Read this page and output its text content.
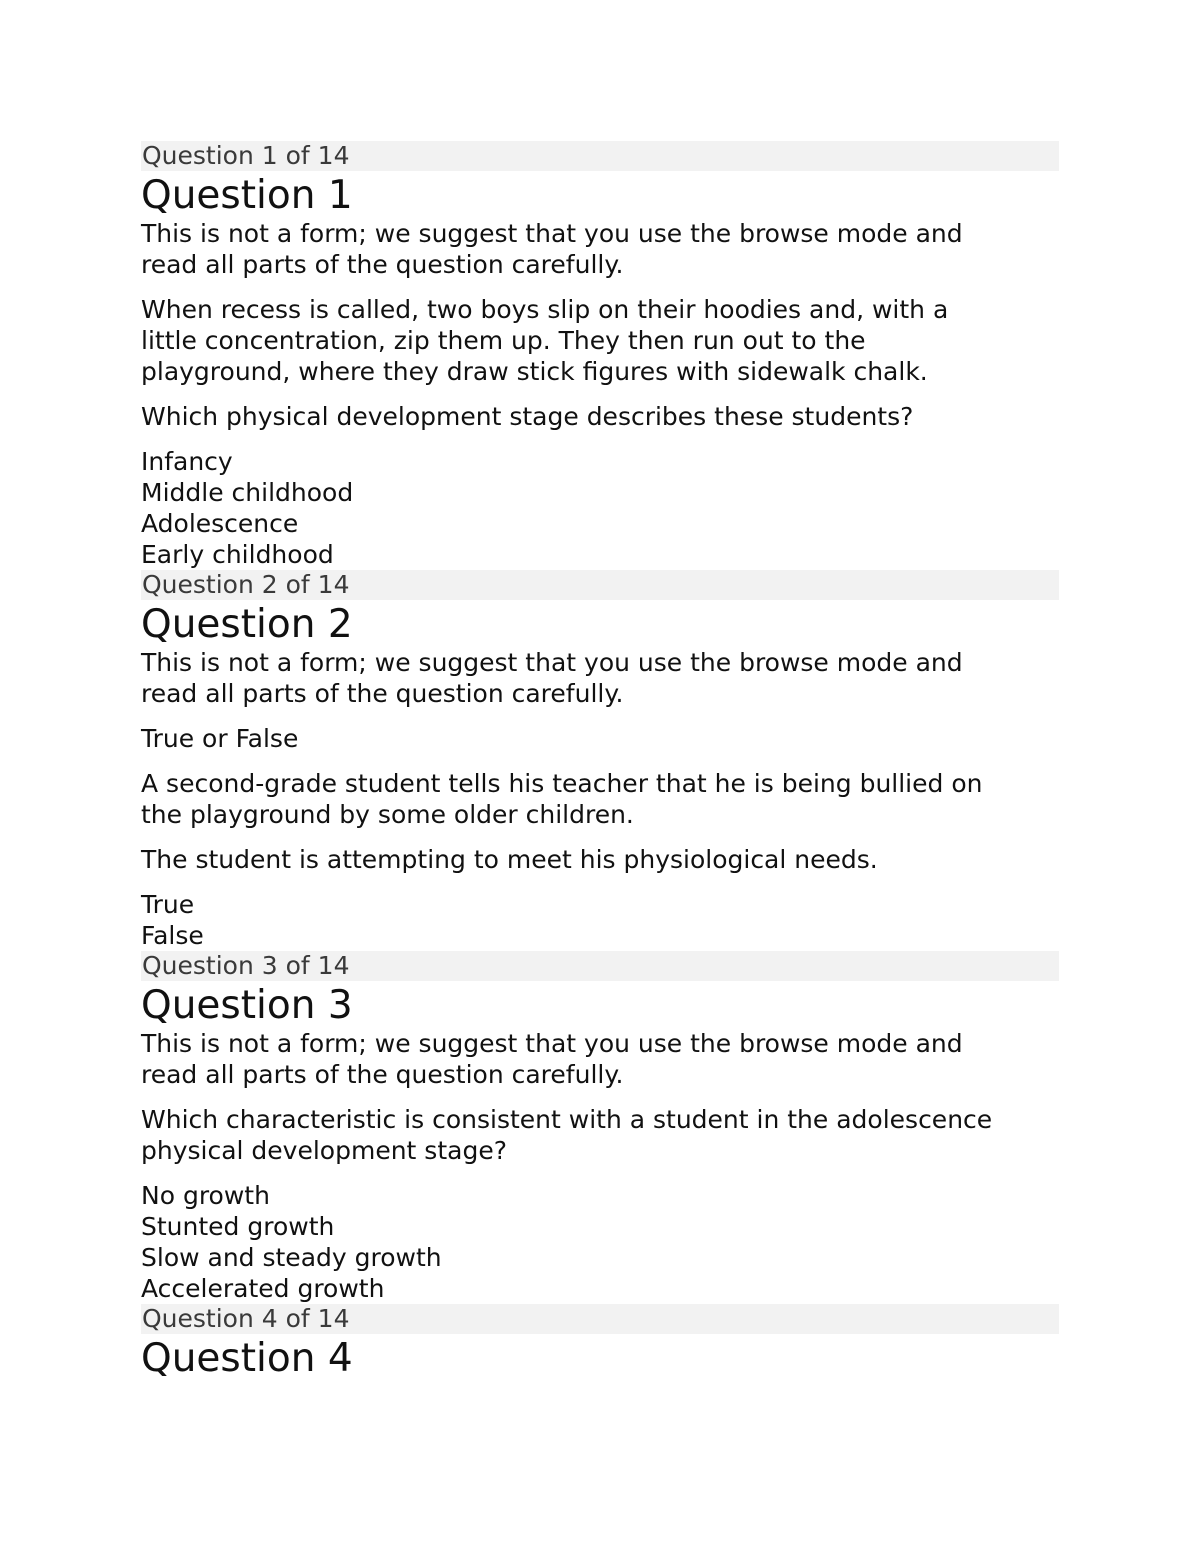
Question 1 of 14
Question 1

This is not a form; we suggest that you use the browse mode and
read all parts of the question carefully.

When recess is called, two boys slip on their hoodies and, with a
little concentration, zip them up. They then run out to the
playground, where they draw stick figures with sidewalk chalk.

Which physical development stage describes these students?

Infancy
Middle childhood
Adolescence
Early childhood
Question 2 of 14
Question 2

This is not a form; we suggest that you use the browse mode and
read all parts of the question carefully.

True or False

A second-grade student tells his teacher that he is being bullied on
the playground by some older children.

The student is attempting to meet his physiological needs.

True
False
Question 3 of 14
Question 3

This is not a form; we suggest that you use the browse mode and
read all parts of the question carefully.

Which characteristic is consistent with a student in the adolescence
physical development stage?

No growth
Stunted growth
Slow and steady growth
Accelerated growth
Question 4 of 14
Question 4
